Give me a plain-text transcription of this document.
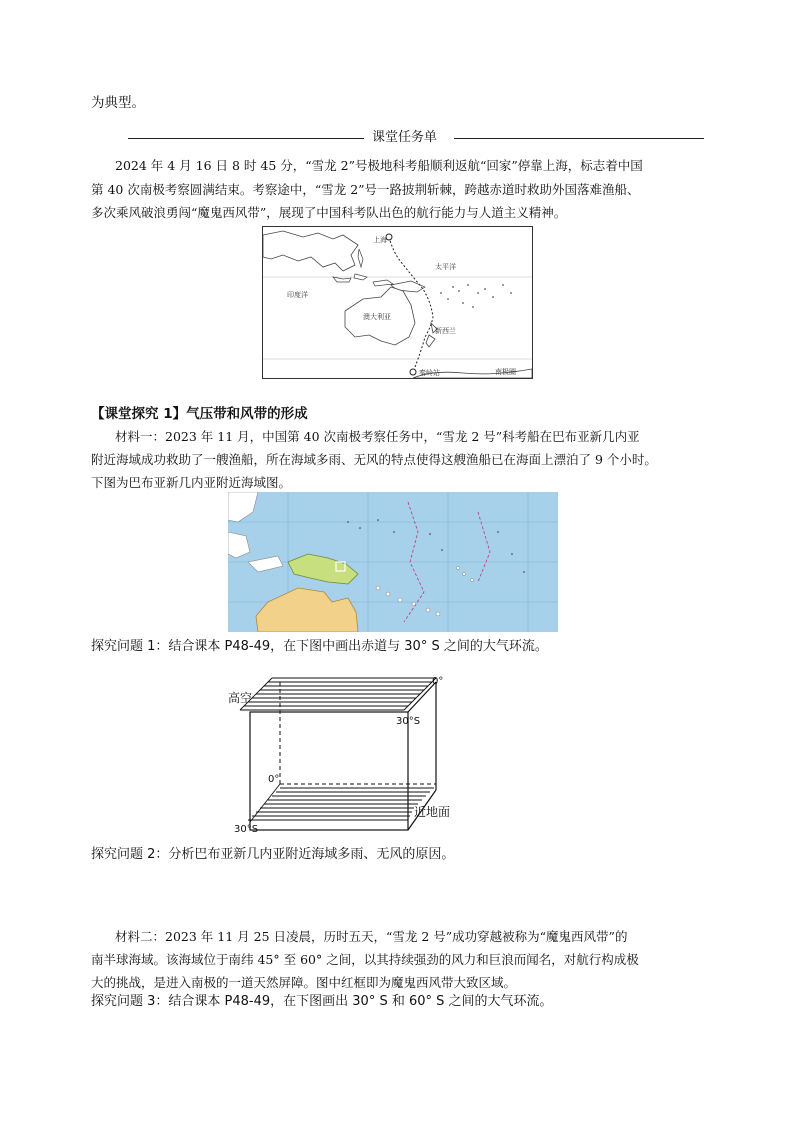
为典型。
课堂任务单
2024 年 4 月 16 日 8 时 45 分，“雪龙 2”号极地科考船顺利返航“回家”停靠上海，标志着中国
第 40 次南极考察圆满结束。考察途中，“雪龙 2”号一路披荆斩棘，跨越赤道时救助外国落难渔船、
多次乘风破浪勇闯“魔鬼西风带”，展现了中国科考队出色的航行能力与人道主义精神。
上海
太平洋
印度洋
澳大利亚
新西兰
秦岭站	南极圈
【课堂探究 1】气压带和风带的形成
材料一：2023 年 11 月，中国第 40 次南极考察任务中，“雪龙 2 号”科考船在巴布亚新几内亚
附近海域成功救助了一艘渔船，所在海域多雨、无风的特点使得这艘渔船已在海面上漂泊了 9 个小时。
下图为巴布亚新几内亚附近海域图。
探究问题 1：结合课本 P48-49，在下图中画出赤道与 30° S 之间的大气环流。
高空
0°
30°S
0°
近地面
30°S
探究问题 2：分析巴布亚新几内亚附近海域多雨、无风的原因。
材料二：2023 年 11 月 25 日凌晨，历时五天，“雪龙 2 号”成功穿越被称为“魔鬼西风带”的
南半球海域。该海域位于南纬 45° 至 60° 之间，以其持续强劲的风力和巨浪而闻名，对航行构成极
大的挑战，是进入南极的一道天然屏障。图中红框即为魔鬼西风带大致区域。
探究问题 3：结合课本 P48-49，在下图画出 30° S 和 60° S 之间的大气环流。
